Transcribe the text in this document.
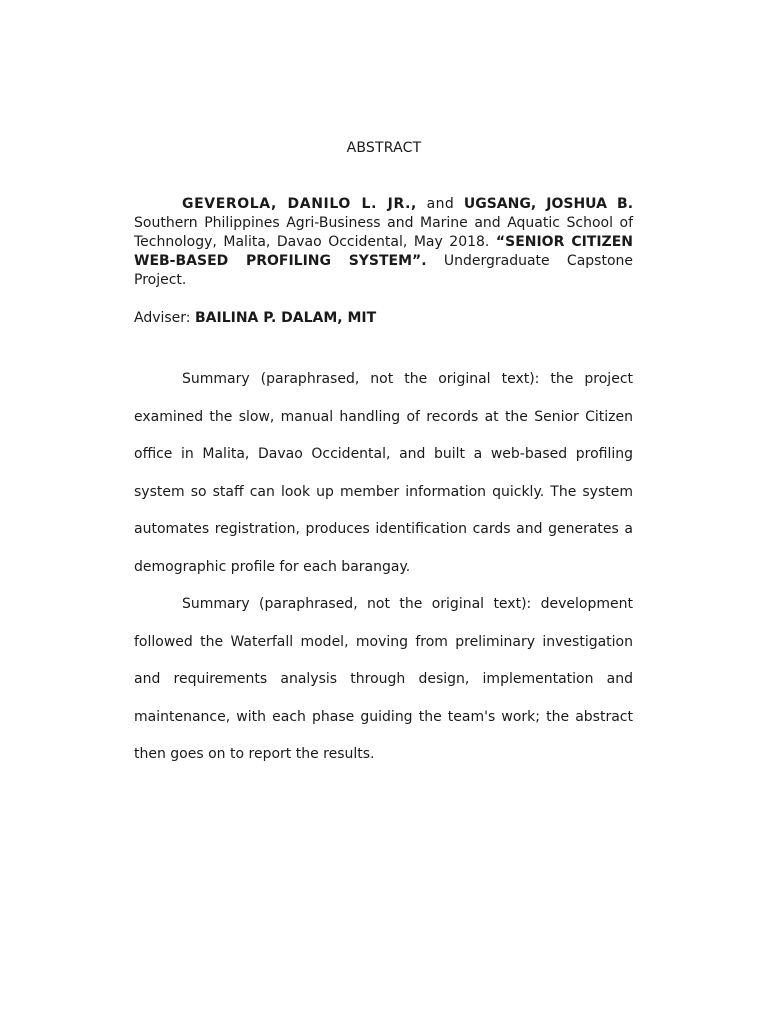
ABSTRACT
GEVEROLA, DANILO L. JR., and UGSANG, JOSHUA B. Southern Philippines Agri-Business and Marine and Aquatic School of Technology, Malita, Davao Occidental, May 2018. “SENIOR CITIZEN WEB-BASED PROFILING SYSTEM”. Undergraduate Capstone Project.
Adviser: BAILINA P. DALAM, MIT

Summary (paraphrased, not the original text): the project examined the slow, manual handling of records at the Senior Citizen office in Malita, Davao Occidental, and built a web-based profiling system so staff can look up member information quickly. The system automates registration, produces identification cards and generates a demographic profile for each barangay.

Summary (paraphrased, not the original text): development followed the Waterfall model, moving from preliminary investigation and requirements analysis through design, implementation and maintenance, with each phase guiding the team's work; the abstract then goes on to report the results.
